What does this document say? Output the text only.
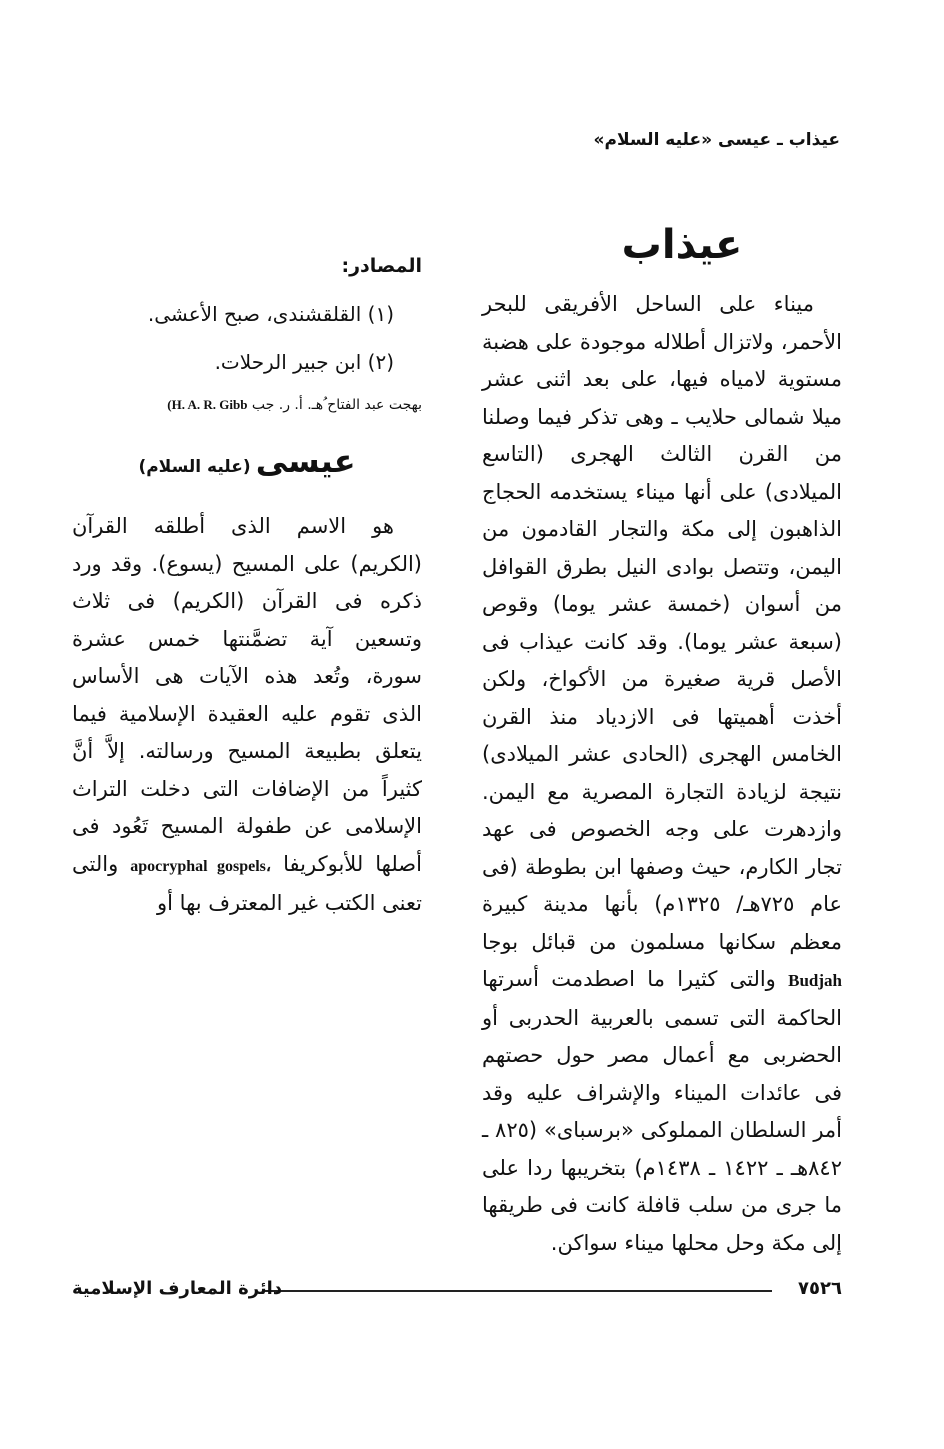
عيذاب ـ عيسى «عليه السلام»
عيذاب

ميناء على الساحل الأفريقى للبحر الأحمر، ولاتزال أطلاله موجودة على هضبة مستوية لامياه فيها، على بعد اثنى عشر ميلا شمالى حلايب ـ وهى تذكر فيما وصلنا من القرن الثالث الهجرى (التاسع الميلادى) على أنها ميناء يستخدمه الحجاج الذاهبون إلى مكة والتجار القادمون من اليمن، وتتصل بوادى النيل بطرق القوافل من أسوان (خمسة عشر يوما) وقوص (سبعة عشر يوما). وقد كانت عيذاب فى الأصل قرية صغيرة من الأكواخ، ولكن أخذت أهميتها فى الازدياد منذ القرن الخامس الهجرى (الحادى عشر الميلادى) نتيجة لزيادة التجارة المصرية مع اليمن. وازدهرت على وجه الخصوص فى عهد تجار الكارم، حيث وصفها ابن بطوطة (فى عام ٧٢٥هـ/ ١٣٢٥م) بأنها مدينة كبيرة معظم سكانها مسلمون من قبائل بوجا Budjah والتى كثيرا ما اصطدمت أسرتها الحاكمة التى تسمى بالعربية الحدربى أو الحضربى مع أعمال مصر حول حصتهم فى عائدات الميناء والإشراف عليه وقد أمر السلطان المملوكى «برسباى» (٨٢٥ ـ ٨٤٢هـ ـ ١٤٢٢ ـ ١٤٣٨م) بتخريبها ردا على ما جرى من سلب قافلة كانت فى طريقها إلى مكة وحل محلها ميناء سواكن.

المصادر:
(١) القلقشندى، صبح الأعشى.
(٢) ابن جبير الرحلات.
بهجت عبد الفتاح ُهـ. أ. ر. جب (H. A. R. Gibb
عيسى (عليه السلام)

هو الاسم الذى أطلقه القرآن (الكريم) على المسيح (يسوع). وقد ورد ذكره فى القرآن (الكريم) فى ثلاث وتسعين آية تضمَّنتها خمس عشرة سورة، وتُعد هذه الآيات هى الأساس الذى تقوم عليه العقيدة الإسلامية فيما يتعلق بطبيعة المسيح ورسالته. إلاَّ أنَّ كثيراً من الإضافات التى دخلت التراث الإسلامى عن طفولة المسيح تَعُود فى أصلها للأبوكريفا apocryphal gospels، والتى تعنى الكتب غير المعترف بها أو

٧٥٢٦
دائرة المعارف الإسلامية
